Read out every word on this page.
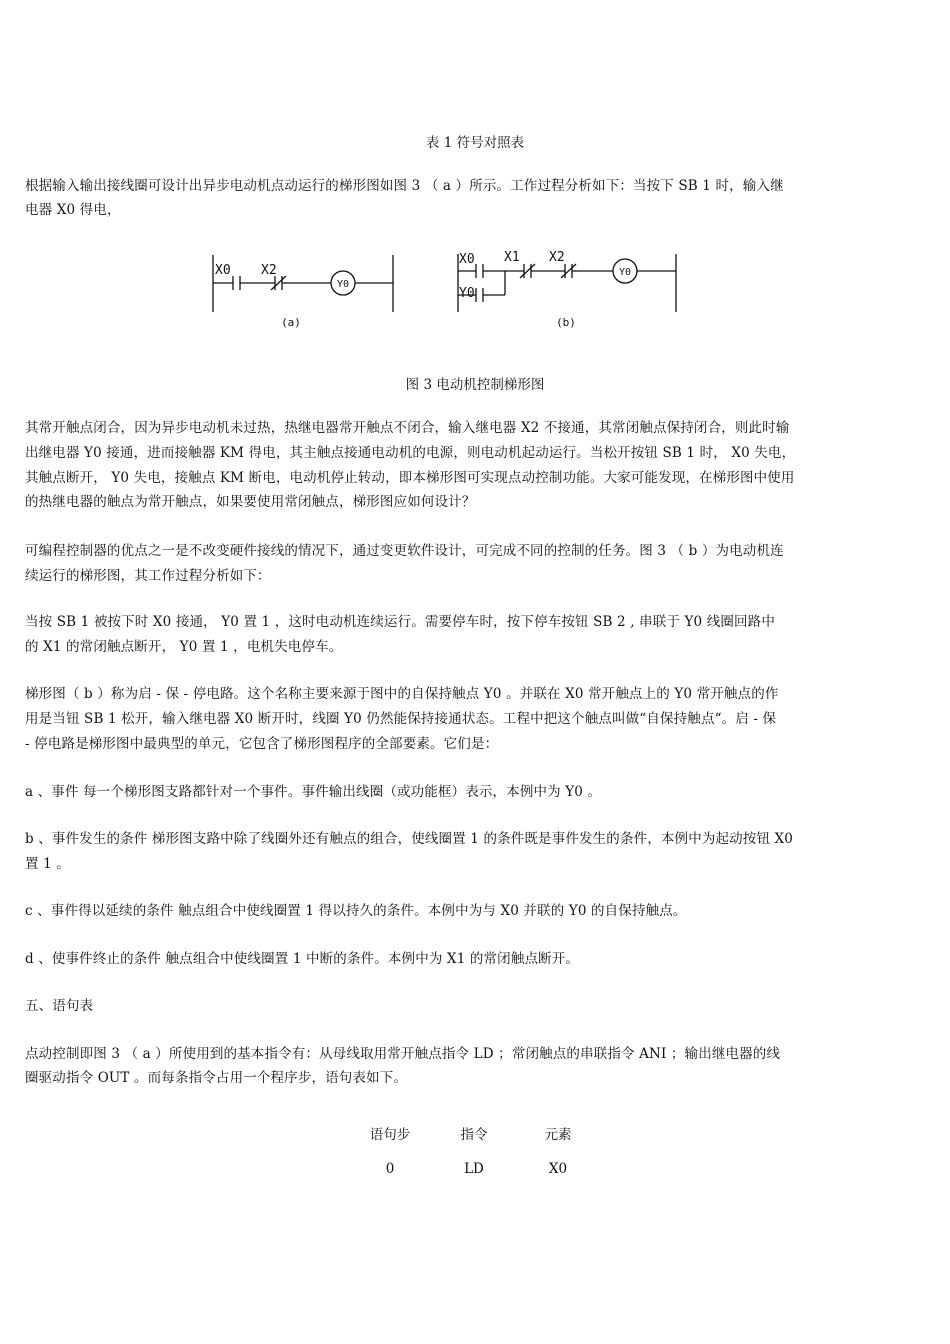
表 1 符号对照表
根据输入输出接线圈可设计出异步电动机点动运行的梯形图如图 3 （ a ）所示。工作过程分析如下：当按下 SB 1 时，输入继
电器 X0 得电，
X0 X2
Y0
(a)
X0
Y0
X1 X2
Y0
(b)
图 3 电动机控制梯形图
其常开触点闭合，因为异步电动机未过热，热继电器常开触点不闭合，输入继电器 X2 不接通，其常闭触点保持闭合，则此时输
出继电器 Y0 接通，进而接触器 KM 得电，其主触点接通电动机的电源，则电动机起动运行。当松开按钮 SB 1 时， X0 失电，
其触点断开， Y0 失电，接触点 KM 断电，电动机停止转动，即本梯形图可实现点动控制功能。大家可能发现，在梯形图中使用
的热继电器的触点为常开触点，如果要使用常闭触点，梯形图应如何设计？
可编程控制器的优点之一是不改变硬件接线的情况下，通过变更软件设计，可完成不同的控制的任务。图 3 （ b ）为电动机连
续运行的梯形图，其工作过程分析如下：
当按 SB 1 被按下时 X0 接通， Y0 置 1 ，这时电动机连续运行。需要停车时，按下停车按钮 SB 2 , 串联于 Y0 线圈回路中
的 X1 的常闭触点断开， Y0 置 1 ，电机失电停车。
梯形图（ b ）称为启 - 保 - 停电路。这个名称主要来源于图中的自保持触点 Y0 。并联在 X0 常开触点上的 Y0 常开触点的作
用是当钮 SB 1 松开，输入继电器 X0 断开时，线圈 Y0 仍然能保持接通状态。工程中把这个触点叫做“自保持触点“。启 - 保
- 停电路是梯形图中最典型的单元，它包含了梯形图程序的全部要素。它们是：
a 、事件 每一个梯形图支路都针对一个事件。事件输出线圈（或功能框）表示，本例中为 Y0 。
b 、事件发生的条件 梯形图支路中除了线圈外还有触点的组合，使线圈置 1 的条件既是事件发生的条件，本例中为起动按钮 X0
置 1 。
c 、事件得以延续的条件 触点组合中使线圈置 1 得以持久的条件。本例中为与 X0 并联的 Y0 的自保持触点。
d 、使事件终止的条件 触点组合中使线圈置 1 中断的条件。本例中为 X1 的常闭触点断开。
五、语句表
点动控制即图 3 （ a ）所使用到的基本指令有：从母线取用常开触点指令 LD ；常闭触点的串联指令 ANI ；输出继电器的线
圈驱动指令 OUT 。而每条指令占用一个程序步，语句表如下。
语句步	指令	元素
0	LD	X0
